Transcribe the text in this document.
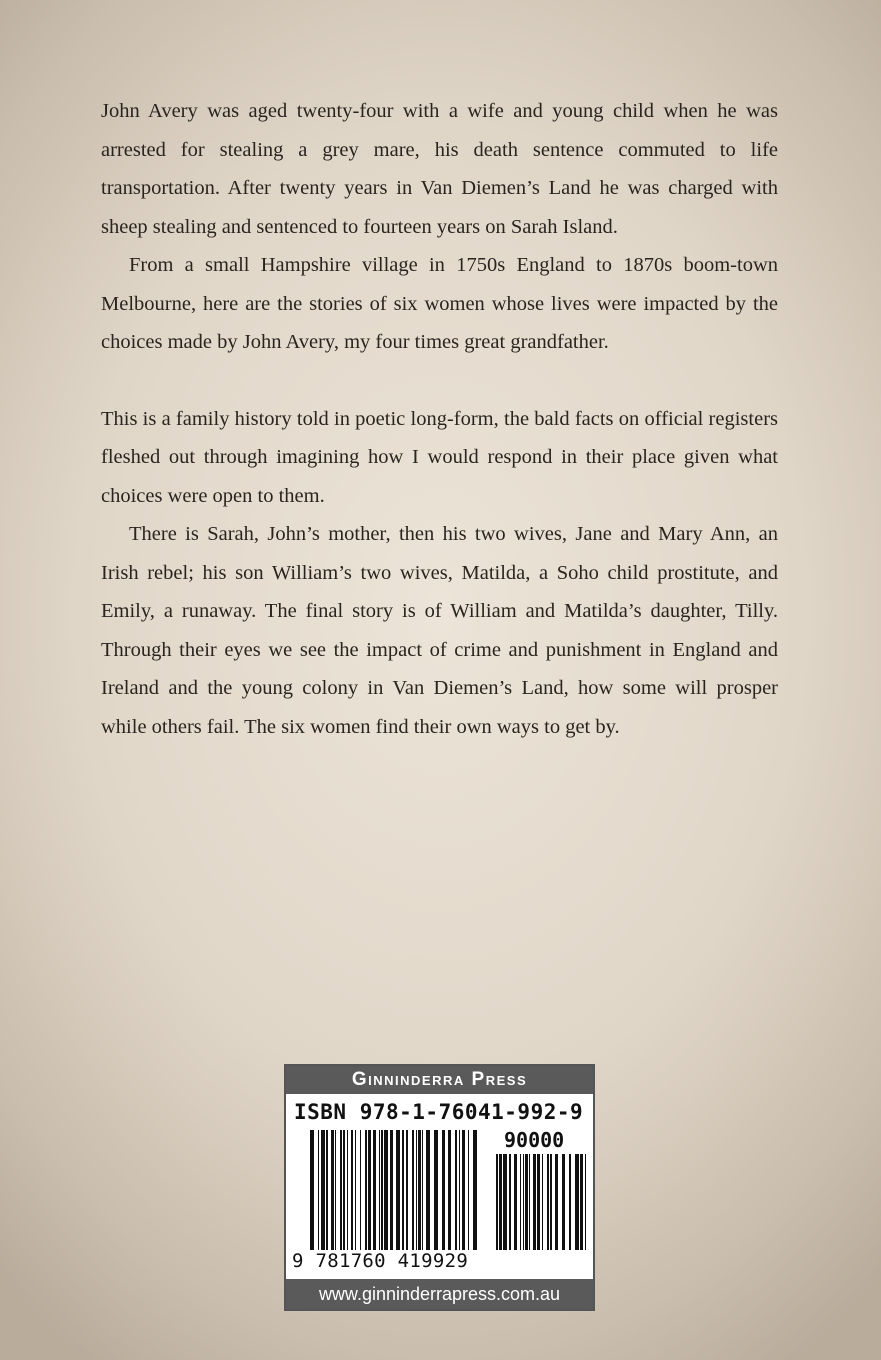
John Avery was aged twenty-four with a wife and young child when he was arrested for stealing a grey mare, his death sentence commuted to life transportation. After twenty years in Van Diemen’s Land he was charged with sheep stealing and sentenced to fourteen years on Sarah Island.

From a small Hampshire village in 1750s England to 1870s boom-town Melbourne, here are the stories of six women whose lives were impacted by the choices made by John Avery, my four times great grandfather.

This is a family history told in poetic long-form, the bald facts on official registers fleshed out through imagining how I would respond in their place given what choices were open to them.

There is Sarah, John’s mother, then his two wives, Jane and Mary Ann, an Irish rebel; his son William’s two wives, Matilda, a Soho child prostitute, and Emily, a runaway. The final story is of William and Matilda’s daughter, Tilly. Through their eyes we see the impact of crime and punishment in England and Ireland and the young colony in Van Diemen’s Land, how some will prosper while others fail. The six women find their own ways to get by.

Ginninderra Press
ISBN 978-1-76041-992-9
90000
9 781760 419929
www.ginninderrapress.com.au
